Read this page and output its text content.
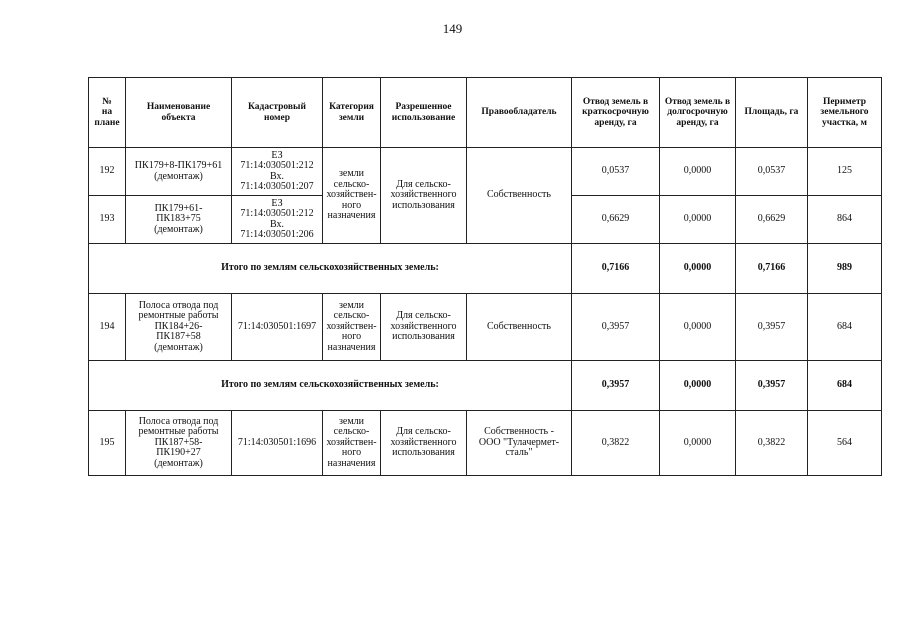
149
№
на
плане	Наименование
объекта	Кадастровый
номер	Категория
земли	Разрешенное
использование	Правообладатель	Отвод земель в
краткосрочную
аренду, га	Отвод земель в
долгосрочную
аренду, га	Площадь, га	Периметр
земельного
участка, м

192	ПК179+8-ПК179+61
(демонтаж)	ЕЗ
71:14:030501:212
Вх.
71:14:030501:207	земли
сельско-
хозяйствен-
ного
назначения	Для сельско-
хозяйственного
использования	Собственность	0,0537	0,0000	0,0537	125
193	ПК179+61-
ПК183+75
(демонтаж)	ЕЗ
71:14:030501:212
Вх.
71:14:030501:206				0,6629	0,0000	0,6629	864
Итого по землям сельскохозяйственных земель:						0,7166	0,0000	0,7166	989
194	Полоса отвода под
ремонтные работы
ПК184+26-
ПК187+58
(демонтаж)	71:14:030501:1697	земли
сельско-
хозяйствен-
ного
назначения	Для сельско-
хозяйственного
использования	Собственность	0,3957	0,0000	0,3957	684
Итого по землям сельскохозяйственных земель:						0,3957	0,0000	0,3957	684
195	Полоса отвода под
ремонтные работы
ПК187+58-
ПК190+27
(демонтаж)	71:14:030501:1696	земли
сельско-
хозяйствен-
ного
назначения	Для сельско-
хозяйственного
использования	Собственность -
ООО "Тулачермет-
сталь"	0,3822	0,0000	0,3822	564
